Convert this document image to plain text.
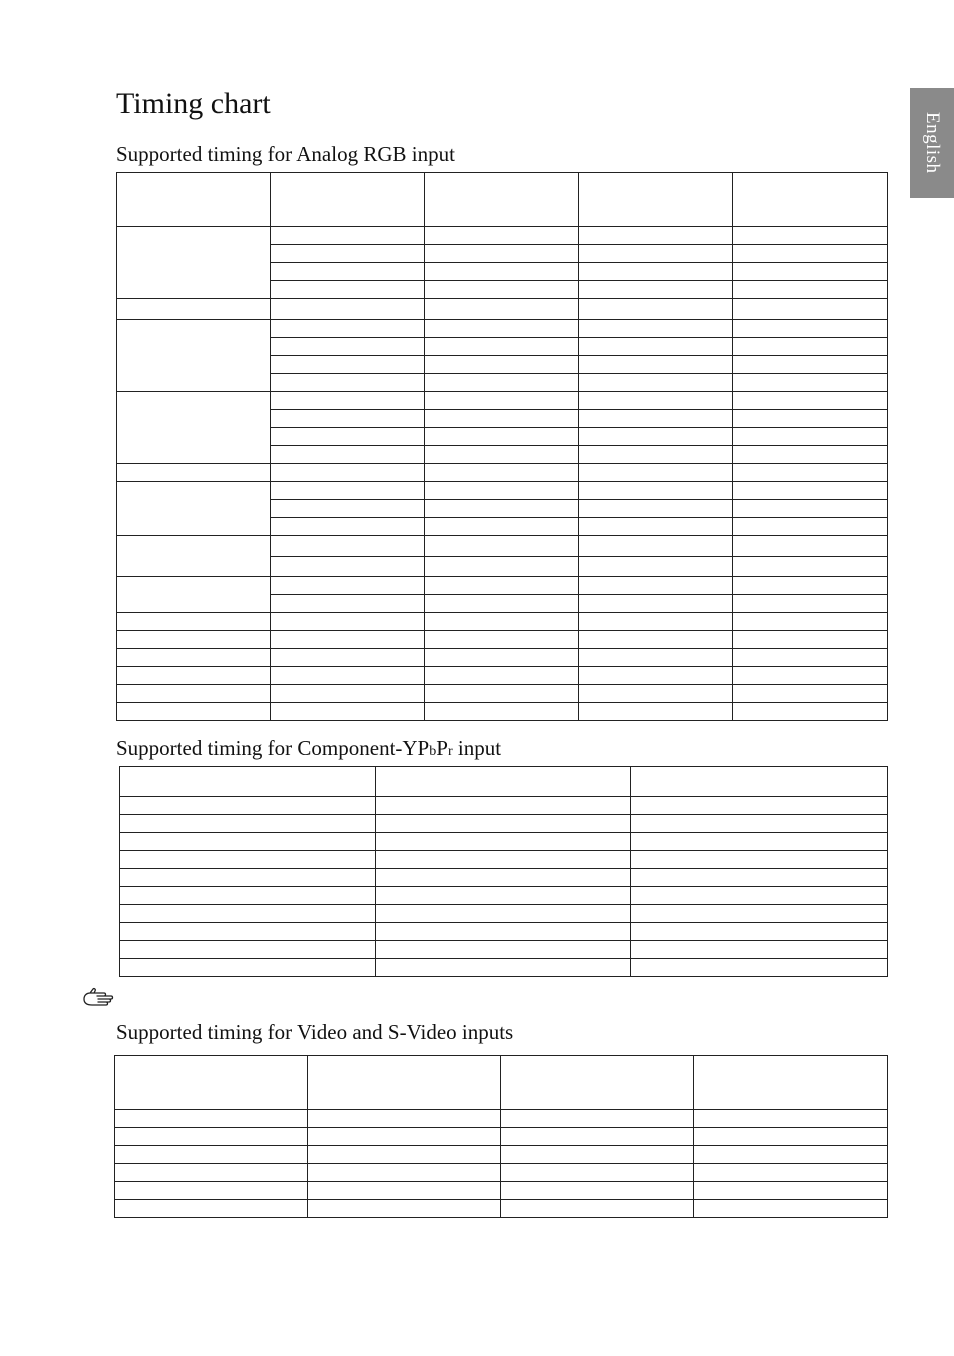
Timing chart
English
Supported timing for Analog RGB input

Supported timing for Component-YPbPr input

Supported timing for Video and S-Video inputs
